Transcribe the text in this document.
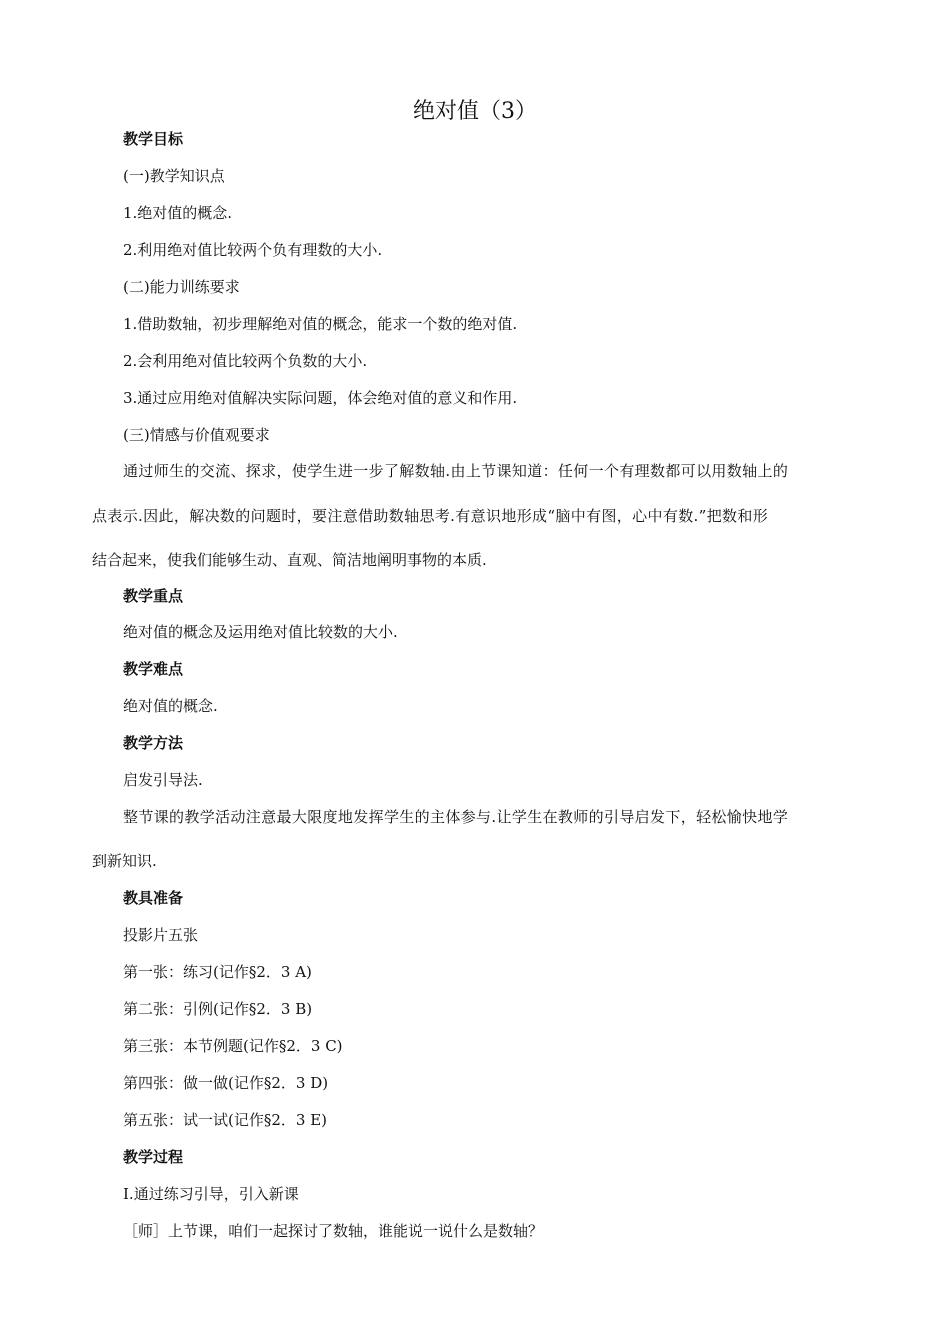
绝对值（3）
教学目标
(一)教学知识点
1.绝对值的概念.
2.利用绝对值比较两个负有理数的大小.
(二)能力训练要求
1.借助数轴，初步理解绝对值的概念，能求一个数的绝对值.
2.会利用绝对值比较两个负数的大小.
3.通过应用绝对值解决实际问题，体会绝对值的意义和作用.
(三)情感与价值观要求
通过师生的交流、探求，使学生进一步了解数轴.由上节课知道：任何一个有理数都可以用数轴上的
点表示.因此，解决数的问题时，要注意借助数轴思考.有意识地形成“脑中有图，心中有数.”把数和形
结合起来，使我们能够生动、直观、简洁地阐明事物的本质.
教学重点
绝对值的概念及运用绝对值比较数的大小.
教学难点
绝对值的概念.
教学方法
启发引导法.
整节课的教学活动注意最大限度地发挥学生的主体参与.让学生在教师的引导启发下，轻松愉快地学
到新知识.
教具准备
投影片五张
第一张：练习(记作§2．3 A)
第二张：引例(记作§2．3 B)
第三张：本节例题(记作§2．3 C)
第四张：做一做(记作§2．3 D)
第五张：试一试(记作§2．3 E)
教学过程
Ⅰ.通过练习引导，引入新课
［师］上节课，咱们一起探讨了数轴，谁能说一说什么是数轴？
